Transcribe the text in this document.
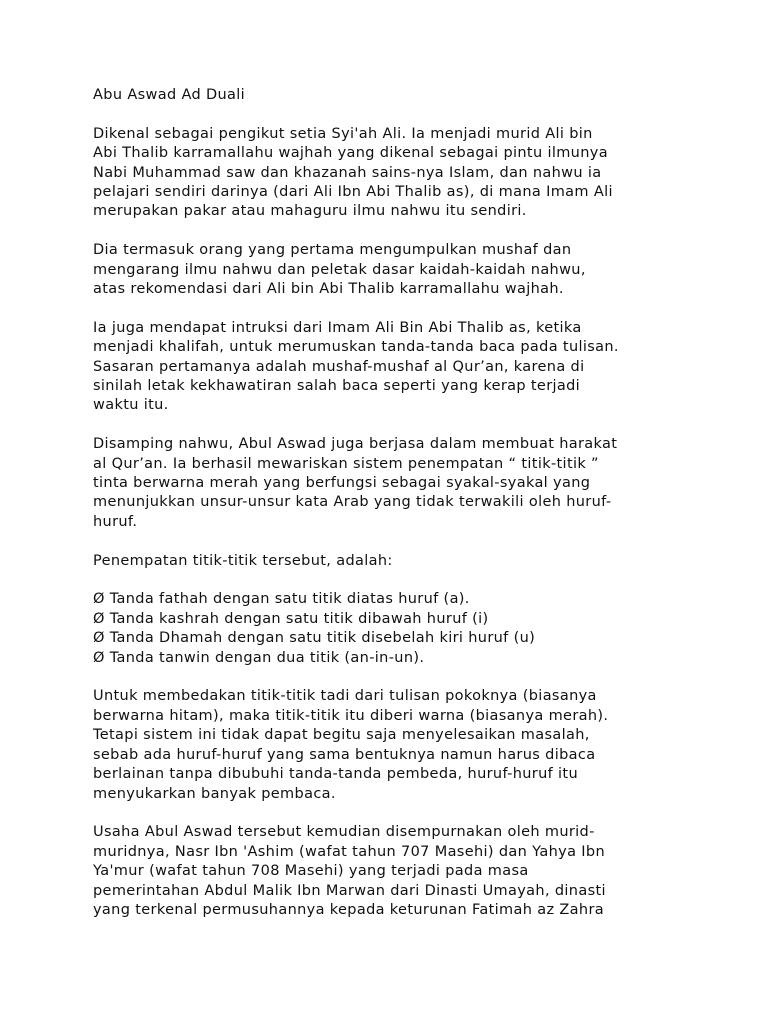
Abu Aswad Ad Duali
Dikenal sebagai pengikut setia Syi'ah Ali. Ia menjadi murid Ali bin
Abi Thalib karramallahu wajhah yang dikenal sebagai pintu ilmunya
Nabi Muhammad saw dan khazanah sains-nya Islam, dan nahwu ia
pelajari sendiri darinya (dari Ali Ibn Abi Thalib as), di mana Imam Ali
merupakan pakar atau mahaguru ilmu nahwu itu sendiri.
Dia termasuk orang yang pertama mengumpulkan mushaf dan
mengarang ilmu nahwu dan peletak dasar kaidah-kaidah nahwu,
atas rekomendasi dari Ali bin Abi Thalib karramallahu wajhah.
Ia juga mendapat intruksi dari Imam Ali Bin Abi Thalib as, ketika
menjadi khalifah, untuk merumuskan tanda-tanda baca pada tulisan.
Sasaran pertamanya adalah mushaf-mushaf al Qur’an, karena di
sinilah letak kekhawatiran salah baca seperti yang kerap terjadi
waktu itu.
Disamping nahwu, Abul Aswad juga berjasa dalam membuat harakat
al Qur’an. Ia berhasil mewariskan sistem penempatan “ titik-titik ”
tinta berwarna merah yang berfungsi sebagai syakal-syakal yang
menunjukkan unsur-unsur kata Arab yang tidak terwakili oleh huruf-
huruf.
Penempatan titik-titik tersebut, adalah:
Ø Tanda fathah dengan satu titik diatas huruf (a).
Ø Tanda kashrah dengan satu titik dibawah huruf (i)
Ø Tanda Dhamah dengan satu titik disebelah kiri huruf (u)
Ø Tanda tanwin dengan dua titik (an-in-un).
Untuk membedakan titik-titik tadi dari tulisan pokoknya (biasanya
berwarna hitam), maka titik-titik itu diberi warna (biasanya merah).
Tetapi sistem ini tidak dapat begitu saja menyelesaikan masalah,
sebab ada huruf-huruf yang sama bentuknya namun harus dibaca
berlainan tanpa dibubuhi tanda-tanda pembeda, huruf-huruf itu
menyukarkan banyak pembaca.
Usaha Abul Aswad tersebut kemudian disempurnakan oleh murid-
muridnya, Nasr Ibn 'Ashim (wafat tahun 707 Masehi) dan Yahya Ibn
Ya'mur (wafat tahun 708 Masehi) yang terjadi pada masa
pemerintahan Abdul Malik Ibn Marwan dari Dinasti Umayah, dinasti
yang terkenal permusuhannya kepada keturunan Fatimah az Zahra
